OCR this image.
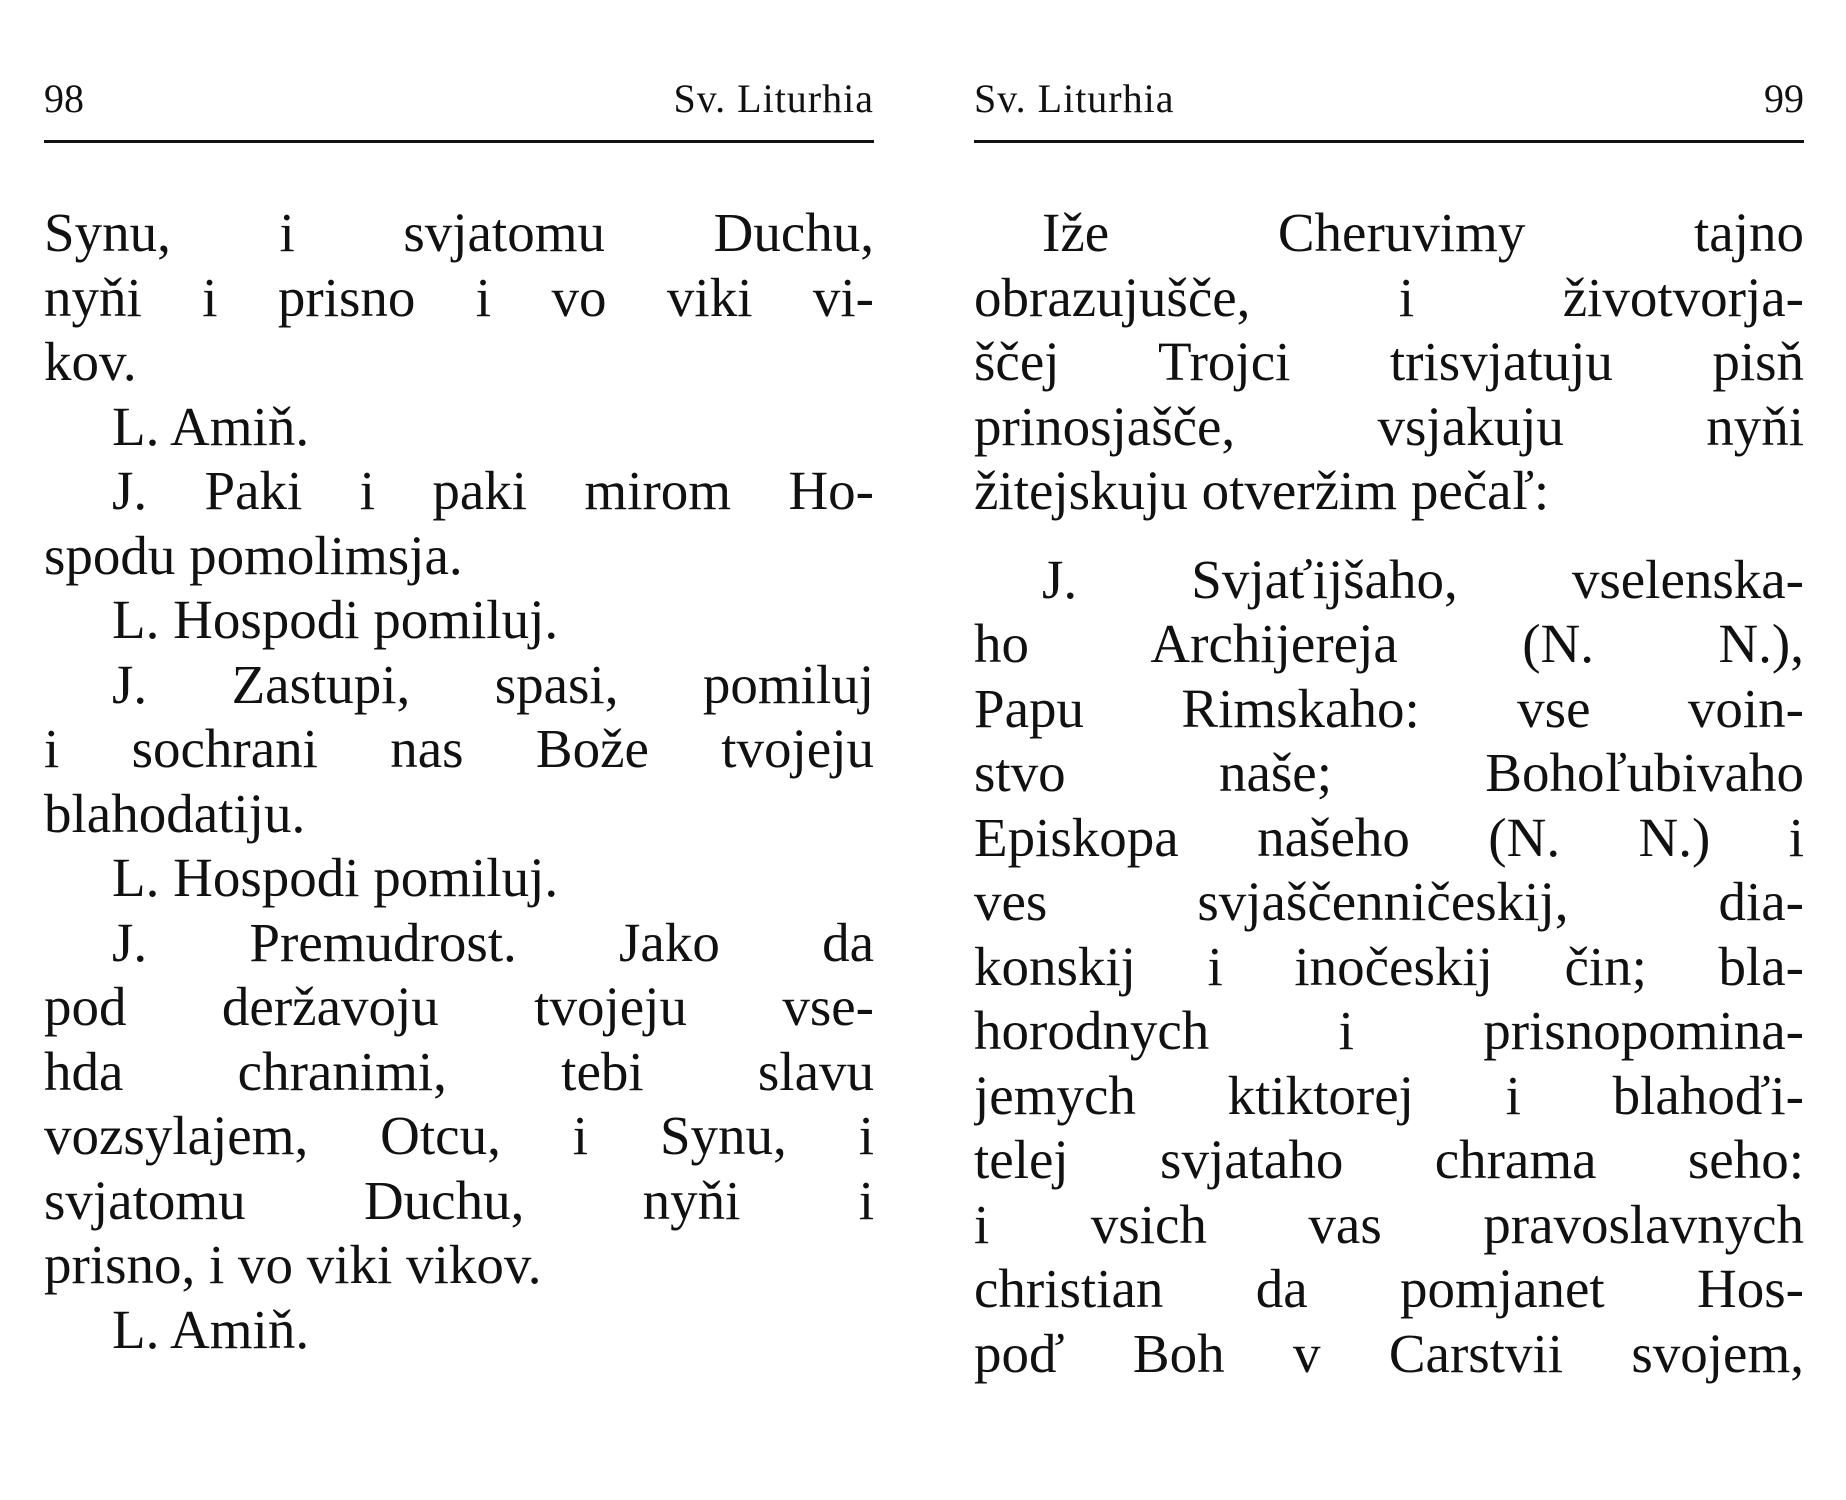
98	Sv. Liturhia
Synu, i svjatomu Duchu,
nyňi i prisno i vo viki vi-
kov.
L. Amiň.
J. Paki i paki mirom Ho-
spodu pomolimsja.
L. Hospodi pomiluj.
J. Zastupi, spasi, pomiluj
i sochrani nas Bože tvojeju
blahodatiju.
L. Hospodi pomiluj.
J. Premudrost. Jako da
pod deržavoju tvojeju vse-
hda chranimi, tebi slavu
vozsylajem, Otcu, i Synu, i
svjatomu Duchu, nyňi i
prisno, i vo viki vikov.
L. Amiň.
Sv. Liturhia	99
Iže Cheruvimy tajno
obrazujušče, i životvorja-
ščej Trojci trisvjatuju pisň
prinosjašče, vsjakuju nyňi
žitejskuju otveržim pečaľ:
J. Svjaťijšaho, vselenska-
ho Archijereja (N. N.),
Papu Rimskaho: vse voin-
stvo naše; Bohoľubivaho
Episkopa našeho (N. N.) i
ves svjaščenničeskij, dia-
konskij i inočeskij čin; bla-
horodnych i prisnopomina-
jemych ktiktorej i blahoďi-
telej svjataho chrama seho:
i vsich vas pravoslavnych
christian da pomjanet Hos-
poď Boh v Carstvii svojem,
